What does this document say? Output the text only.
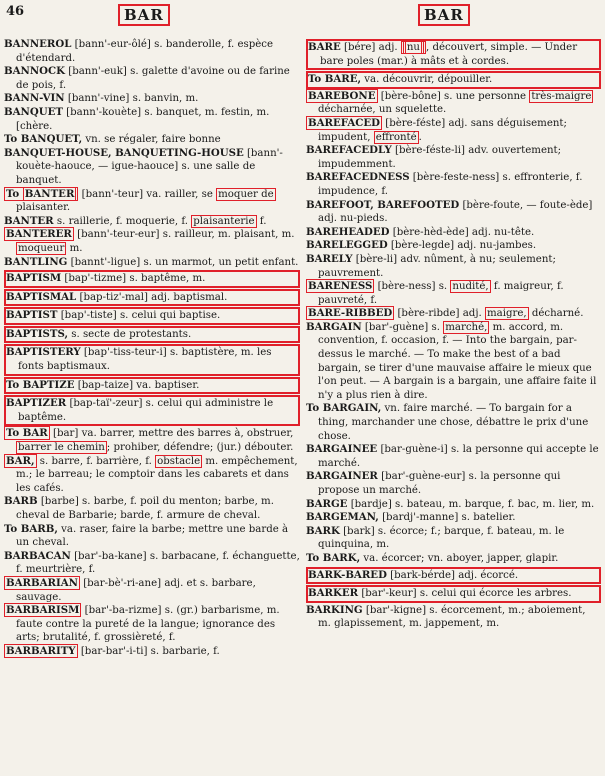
46	BAR	BAR

BANNEROL [bann'-eur-ôlé] s. banderolle, f. espèce d'étendard.

BANNOCK [bann'-euk] s. galette d'avoine ou de farine de pois, f.

BANN-VIN [bann'-vine] s. banvin, m.

BANQUET [bann'-kouète] s. banquet, m. festin, m. [chère.

To BANQUET, vn. se régaler, faire bonne

BANQUET-HOUSE, BANQUETING-HOUSE [bann'-kouète-haouce, — igue-haouce] s. une salle de banquet.

To BANTER [bann'-teur] va. railler, se moquer de plaisanter.

BANTER s. raillerie, f. moquerie, f. plaisanterie f.

BANTERER [bann'-teur-eur] s. railleur, m. plaisant, m. moqueur m.

BANTLING [bannt'-ligue] s. un marmot, un petit enfant.

BAPTISM [bap'-tizme] s. baptême, m.

BAPTISMAL [bap-tiz'-mal] adj. baptismal.

BAPTIST [bap'-tiste] s. celui qui baptise.

BAPTISTS, s. secte de protestants.

BAPTISTERY [bap'-tiss-teur-i] s. baptistère, m. les fonts baptismaux.

To BAPTIZE [bap-taize] va. baptiser.

BAPTIZER [bap-taï'-zeur] s. celui qui administre le baptême.

To BAR [bar] va. barrer, mettre des barres à, obstruer, barrer le chemin ; prohiber, défendre; (jur.) débouter.

BAR, s. barre, f. barrière, f. obstacle m. empêchement, m.; le barreau; le comptoir dans les cabarets et dans les cafés.

BARB [barbe] s. barbe, f. poil du menton; barbe, m. cheval de Barbarie; barde, f. armure de cheval.

To BARB, va. raser, faire la barbe; mettre une barde à un cheval.

BARBACAN [bar'-ba-kane] s. barbacane, f. échanguette, f. meurtrière, f.

BARBARIAN [bar-bè'-ri-ane] adj. et s. barbare, sauvage.

BARBARISM [bar'-ba-rizme] s. (gr.) barbarisme, m. faute contre la pureté de la langue; ignorance des arts; brutalité, f. grossièreté, f.

BARBARITY [bar-bar'-i-ti] s. barbarie, f.

BARE [bére] adj. nu , découvert, simple. — Under bare poles (mar.) à mâts et à cordes.

To BARE, va. découvrir, dépouiller.

BAREBONE [bère-bône] s. une personne très-maigre décharnée, un squelette.

BAREFACED [bère-féste] adj. sans déguisement; impudent, effronté .

BAREFACEDLY [bère-féste-li] adv. ouvertement; impudemment.

BAREFACEDNESS [bère-feste-ness] s. effronterie, f. impudence, f.

BAREFOOT, BAREFOOTED [bère-foute, — foute-ède] adj. nu-pieds.

BAREHEADED [bère-hèd-ède] adj. nu-tête.

BARELEGGED [bère-legde] adj. nu-jambes.

BARELY [bère-li] adv. nûment, à nu; seulement; pauvrement.

BARENESS [bère-ness] s. nudité, f. maigreur, f. pauvreté, f.

BARE-RIBBED [bère-ribde] adj. maigre, décharné.

BARGAIN [bar'-guène] s. marché, m. accord, m. convention, f. occasion, f. — Into the bargain, par-dessus le marché. — To make the best of a bad bargain, se tirer d'une mauvaise affaire le mieux que l'on peut. — A bargain is a bargain, une affaire faite il n'y a plus rien à dire.

To BARGAIN, vn. faire marché. — To bargain for a thing, marchander une chose, débattre le prix d'une chose.

BARGAINEE [bar-guène-i] s. la personne qui accepte le marché.

BARGAINER [bar'-guène-eur] s. la personne qui propose un marché.

BARGE [bardje] s. bateau, m. barque, f. bac, m. lier, m.

BARGEMAN, [bardj'-manne] s. batelier.

BARK [bark] s. écorce; f.; barque, f. bateau, m. le quinquina, m.

To BARK, va. écorcer; vn. aboyer, japper, glapir.

BARK-BARED [bark-bérde] adj. écorcé.

BARKER [bar'-keur] s. celui qui écorce les arbres.

BARKING [bar'-kigne] s. écorcement, m.; aboiement, m. glapissement, m. jappement, m.
